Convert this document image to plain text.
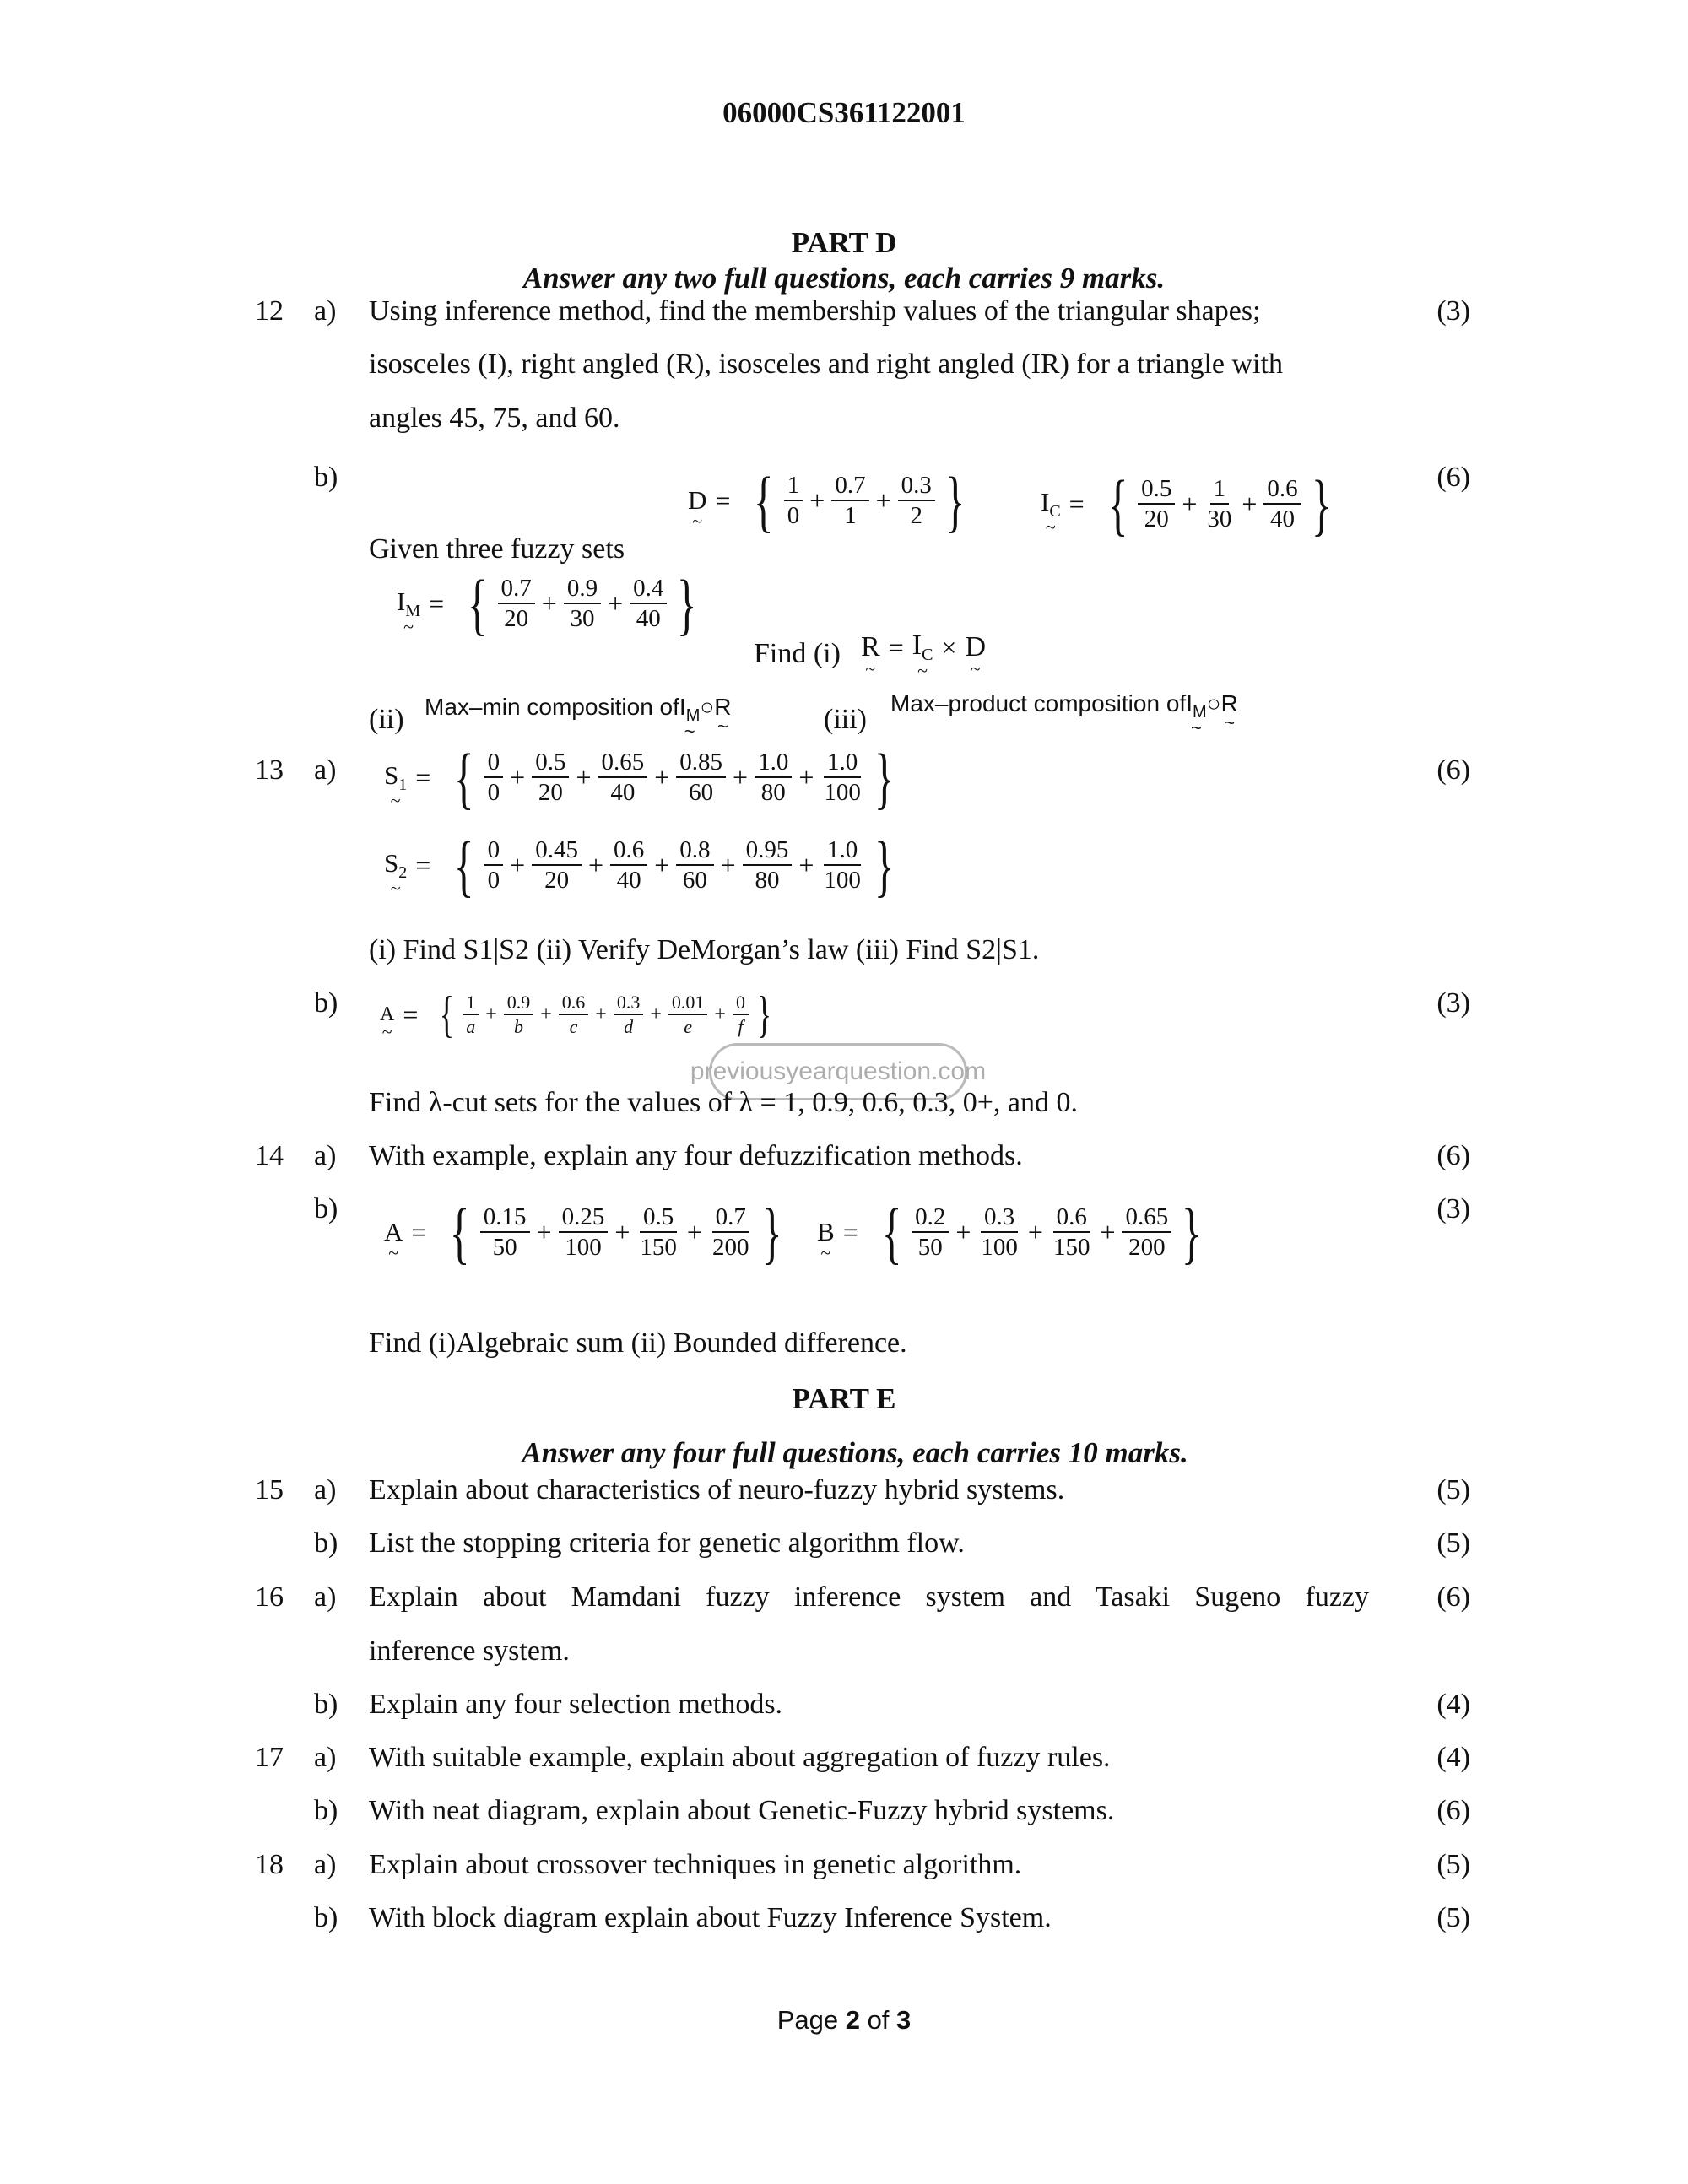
06000CS361122001
PART D
Answer any two full questions, each carries 9 marks.
12	a) Using inference method, find the membership values of the triangular shapes;
isosceles (I), right angled (R), isosceles and right angled (IR) for a triangle with
angles 45, 75, and 60.
(3)
b)	(6)
Given three fuzzy sets
D ~ = { $\frac{1}{0} + \frac{0.7}{1} + \frac{0.3}{2}$ }	$I_C$ ~ = { $\frac{0.5}{20} + \frac{1}{30} + \frac{0.6}{40}$ }
$I_M$ ~ = { $\frac{0.7}{20} + \frac{0.9}{30} + \frac{0.4}{40}$ }
Find (i) R ~ = $I_C$ ~ × D ~
(ii) Max–min composition of $I_M$ ~ ○ R ~	(iii)
Max–product composition of $I_M$ ~ ○ R ~
13	a)	(6)
$S_1$ ~ = { $\frac{0}{0} + \frac{0.5}{20} + \frac{0.65}{40} + \frac{0.85}{60} + \frac{1.0}{80} + \frac{1.0}{100}$ }
$S_2$ ~ = { $\frac{0}{0} + \frac{0.45}{20} + \frac{0.6}{40} + \frac{0.8}{60} + \frac{0.95}{80} + \frac{1.0}{100}$ }
(i) Find S1|S2 (ii) Verify DeMorgan’s law (iii) Find S2|S1.
b)	(3)
A ~ = { $\frac{1}{a} + \frac{0.9}{b} + \frac{0.6}{c} + \frac{0.3}{d} + \frac{0.01}{e} + \frac{0}{f}$ }
previousyearquestion.com
Find λ-cut sets for the values of λ = 1, 0.9, 0.6, 0.3, 0+, and 0.
14	a) With example, explain any four defuzzification methods.	(6)
b)	(3)
A ~ = { $\frac{0.15}{50} + \frac{0.25}{100} + \frac{0.5}{150} + \frac{0.7}{200}$ } B ~ = { $\frac{0.2}{50} + \frac{0.3}{100} + \frac{0.6}{150} + \frac{0.65}{200}$ }
Find (i)Algebraic sum (ii) Bounded difference.
PART E
Answer any four full questions, each carries 10 marks.
15	a) Explain about characteristics of neuro-fuzzy hybrid systems.	(5)
b) List the stopping criteria for genetic algorithm flow.	(5)
16	a) Explain about Mamdani fuzzy inference system and Tasaki Sugeno fuzzy
inference system.
(6)
b) Explain any four selection methods.	(4)
17	a) With suitable example, explain about aggregation of fuzzy rules.	(4)
b) With neat diagram, explain about Genetic-Fuzzy hybrid systems.	(6)
18	a) Explain about crossover techniques in genetic algorithm.	(5)
b) With block diagram explain about Fuzzy Inference System.	(5)
Page 2 of 3
